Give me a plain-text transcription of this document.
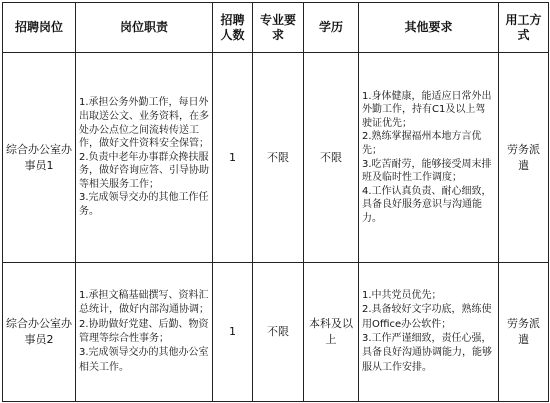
招聘岗位	岗位职责	招聘人数	专业要求	学历	其他要求	用工方式
综合办公室办事员1	1.承担公务外勤工作，每日外出取送公文、业务资料，在多处办公点位之间流转传送工作，做好文件资料安全保管；
2.负责中老年办事群众搀扶服务，做好咨询应答、引导协助等相关服务工作；
3.完成领导交办的其他工作任务。	1	不限	不限	1.身体健康，能适应日常外出外勤工作，持有C1及以上驾驶证优先；
2.熟练掌握福州本地方言优先；
3.吃苦耐劳，能够接受周末排班及临时性工作调度；
4.工作认真负责、耐心细致，具备良好服务意识与沟通能力。	劳务派遣
综合办公室办事员2	1.承担文稿基础撰写、资料汇总统计，做好内部沟通协调；
2.协助做好党建、后勤、物资管理等综合性事务；
3.完成领导交办的其他办公室相关工作。	1	不限	本科及以上	1.中共党员优先；
2.具备较好文字功底，熟练使用Office办公软件；
3.工作严谨细致，责任心强，具备良好沟通协调能力，能够服从工作安排。	劳务派遣
